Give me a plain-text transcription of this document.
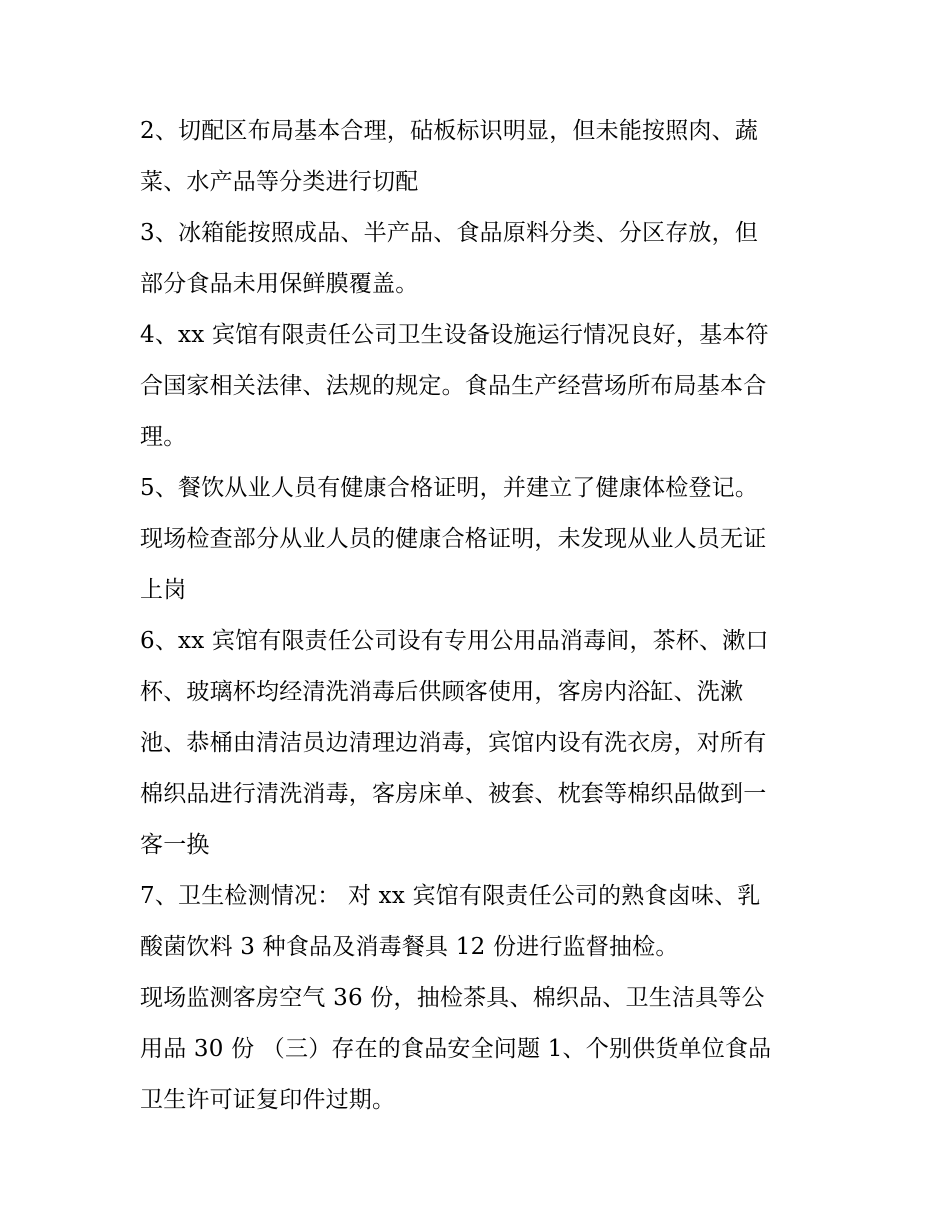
2、切配区布局基本合理，砧板标识明显，但未能按照肉、蔬
菜、水产品等分类进行切配
3、冰箱能按照成品、半产品、食品原料分类、分区存放，但
部分食品未用保鲜膜覆盖。
4、xx 宾馆有限责任公司卫生设备设施运行情况良好，基本符
合国家相关法律、法规的规定。食品生产经营场所布局基本合
理。
5、餐饮从业人员有健康合格证明，并建立了健康体检登记。
现场检查部分从业人员的健康合格证明，未发现从业人员无证
上岗
6、xx 宾馆有限责任公司设有专用公用品消毒间，茶杯、漱口
杯、玻璃杯均经清洗消毒后供顾客使用，客房内浴缸、洗漱
池、恭桶由清洁员边清理边消毒，宾馆内设有洗衣房，对所有
棉织品进行清洗消毒，客房床单、被套、枕套等棉织品做到一
客一换
7、卫生检测情况： 对 xx 宾馆有限责任公司的熟食卤味、乳
酸菌饮料 3 种食品及消毒餐具 12 份进行监督抽检。
现场监测客房空气 36 份，抽检茶具、棉织品、卫生洁具等公
用品 30 份 （三）存在的食品安全问题 1、个别供货单位食品
卫生许可证复印件过期。
